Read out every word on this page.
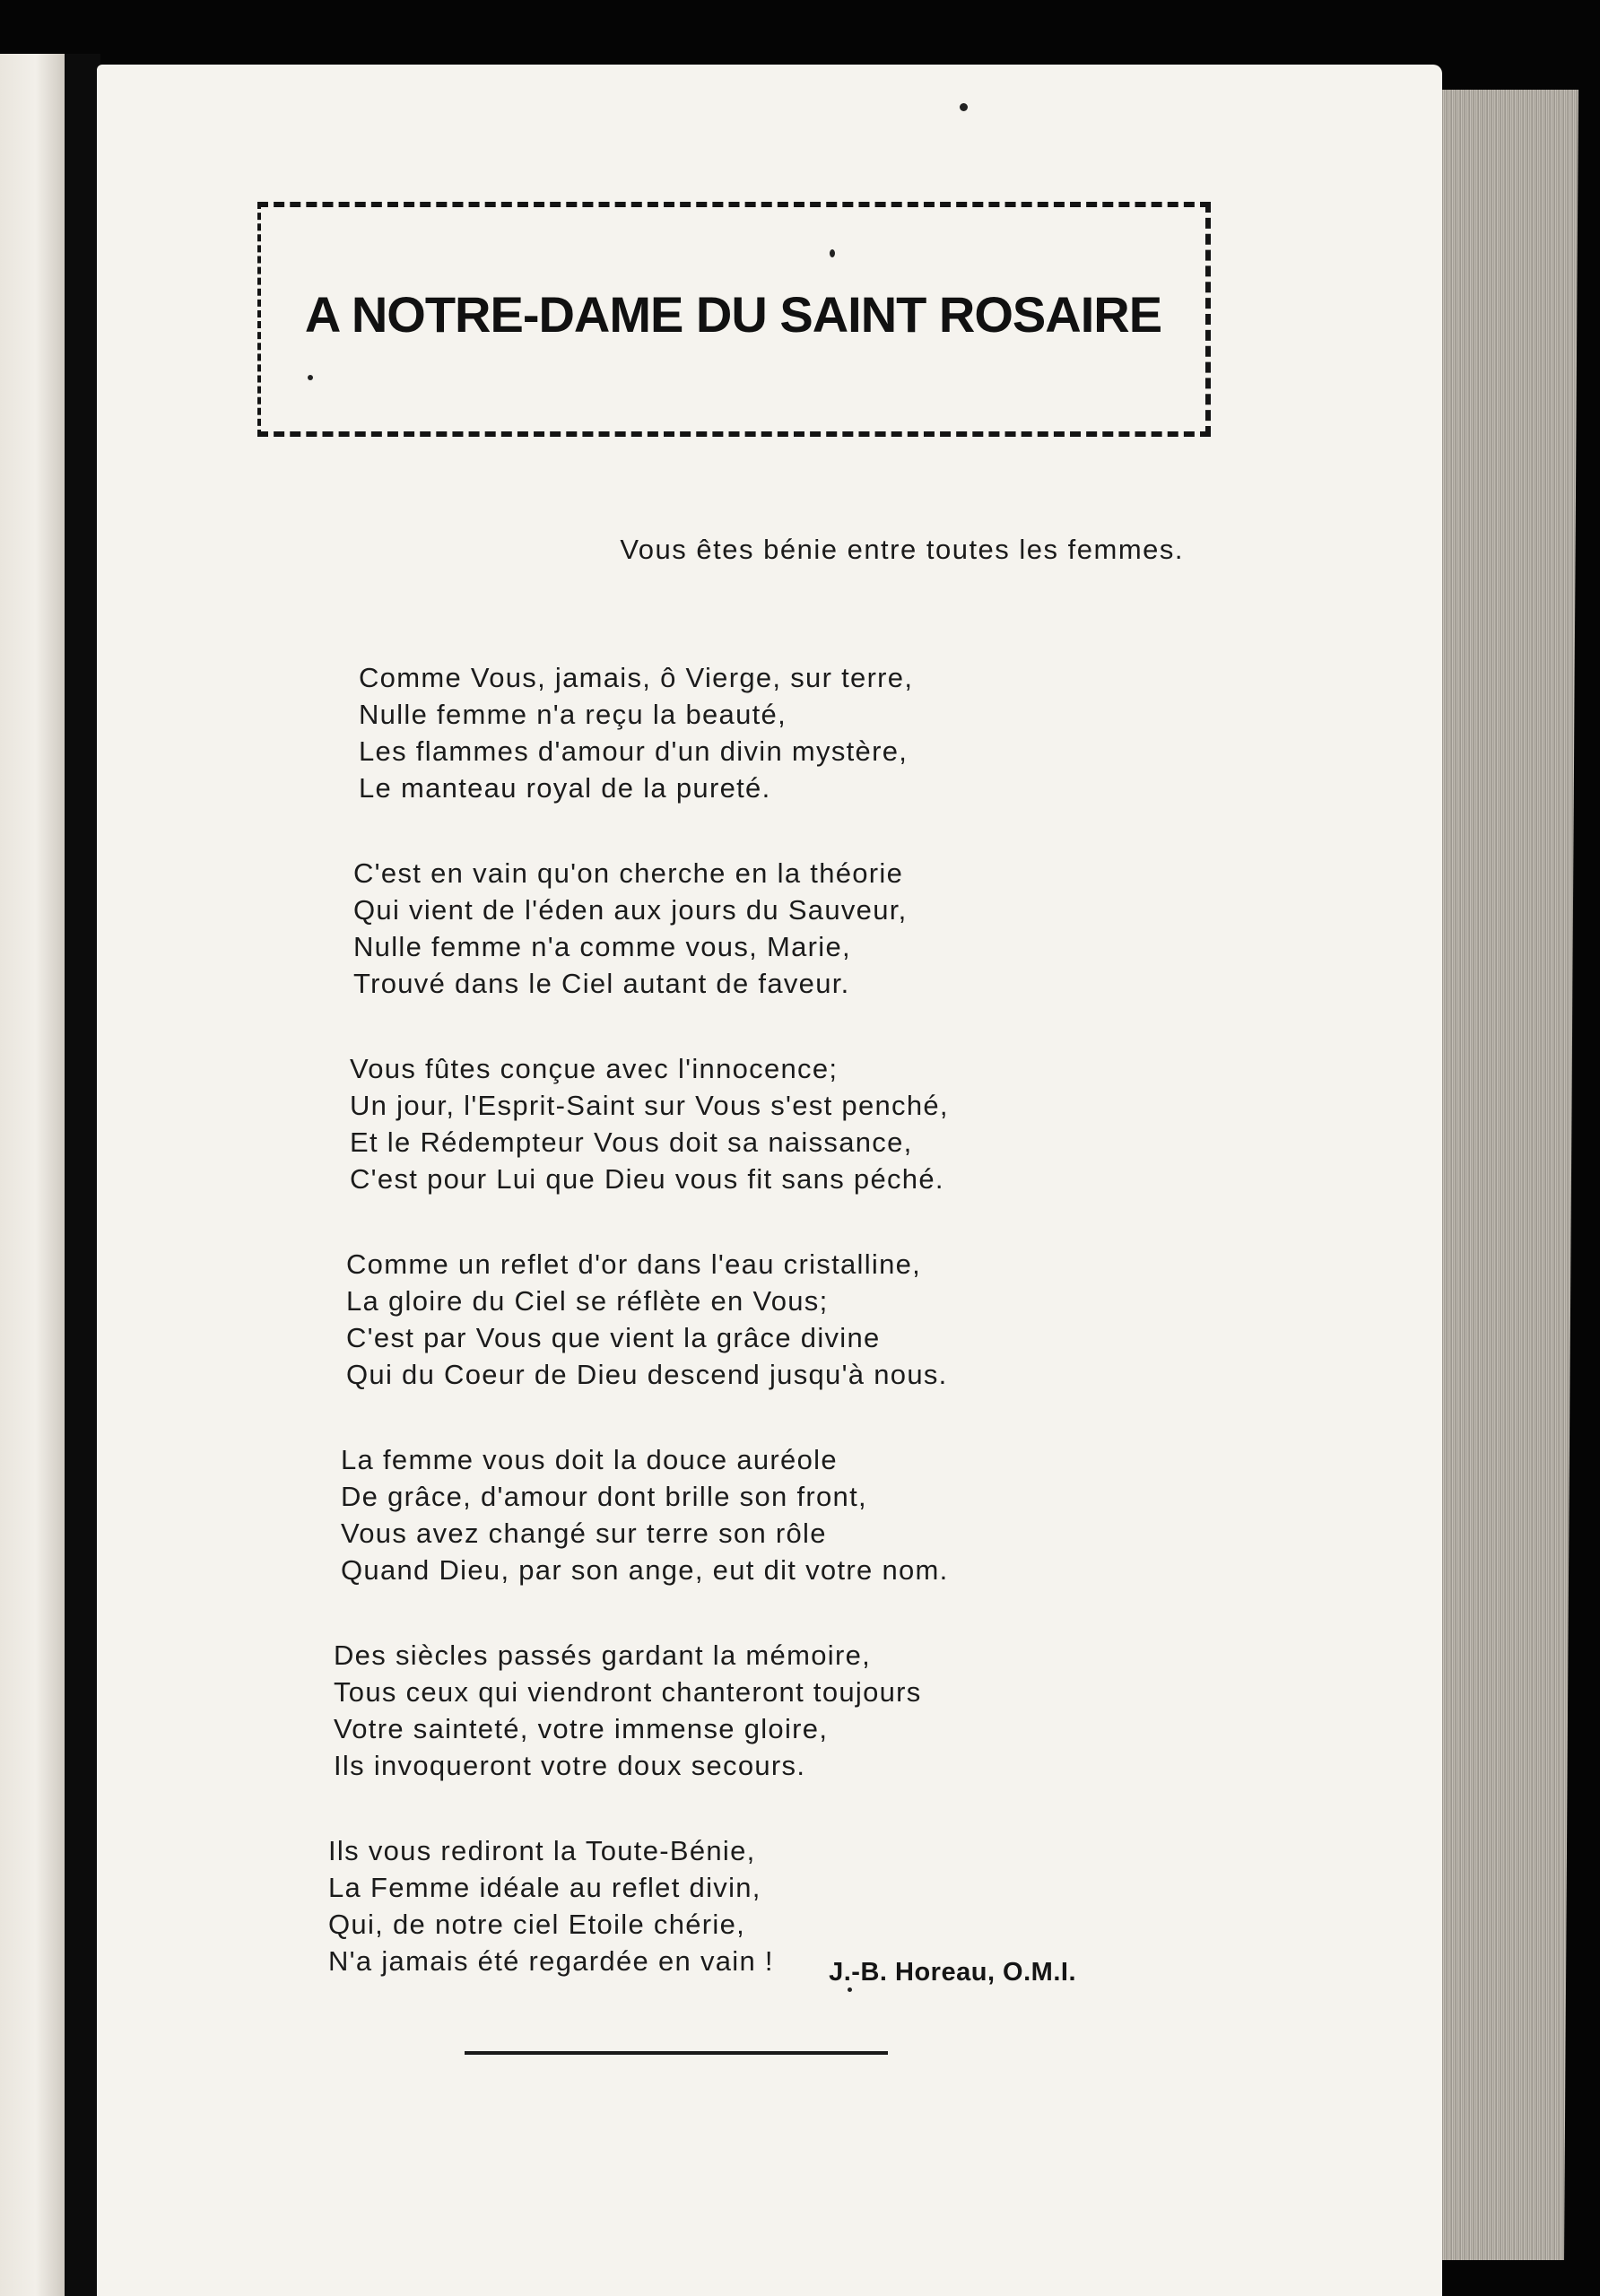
A NOTRE-DAME DU SAINT ROSAIRE
Vous êtes bénie entre toutes les femmes.
Comme Vous, jamais, ô Vierge, sur terre,
Nulle femme n'a reçu la beauté,
Les flammes d'amour d'un divin mystère,
Le manteau royal de la pureté.
C'est en vain qu'on cherche en la théorie
Qui vient de l'éden aux jours du Sauveur,
Nulle femme n'a comme vous, Marie,
Trouvé dans le Ciel autant de faveur.
Vous fûtes conçue avec l'innocence;
Un jour, l'Esprit-Saint sur Vous s'est penché,
Et le Rédempteur Vous doit sa naissance,
C'est pour Lui que Dieu vous fit sans péché.
Comme un reflet d'or dans l'eau cristalline,
La gloire du Ciel se réflète en Vous;
C'est par Vous que vient la grâce divine
Qui du Coeur de Dieu descend jusqu'à nous.
La femme vous doit la douce auréole
De grâce, d'amour dont brille son front,
Vous avez changé sur terre son rôle
Quand Dieu, par son ange, eut dit votre nom.
Des siècles passés gardant la mémoire,
Tous ceux qui viendront chanteront toujours
Votre sainteté, votre immense gloire,
Ils invoqueront votre doux secours.
Ils vous rediront la Toute-Bénie,
La Femme idéale au reflet divin,
Qui, de notre ciel Etoile chérie,
N'a jamais été regardée en vain !	J.-B. Horeau, O.M.I.
